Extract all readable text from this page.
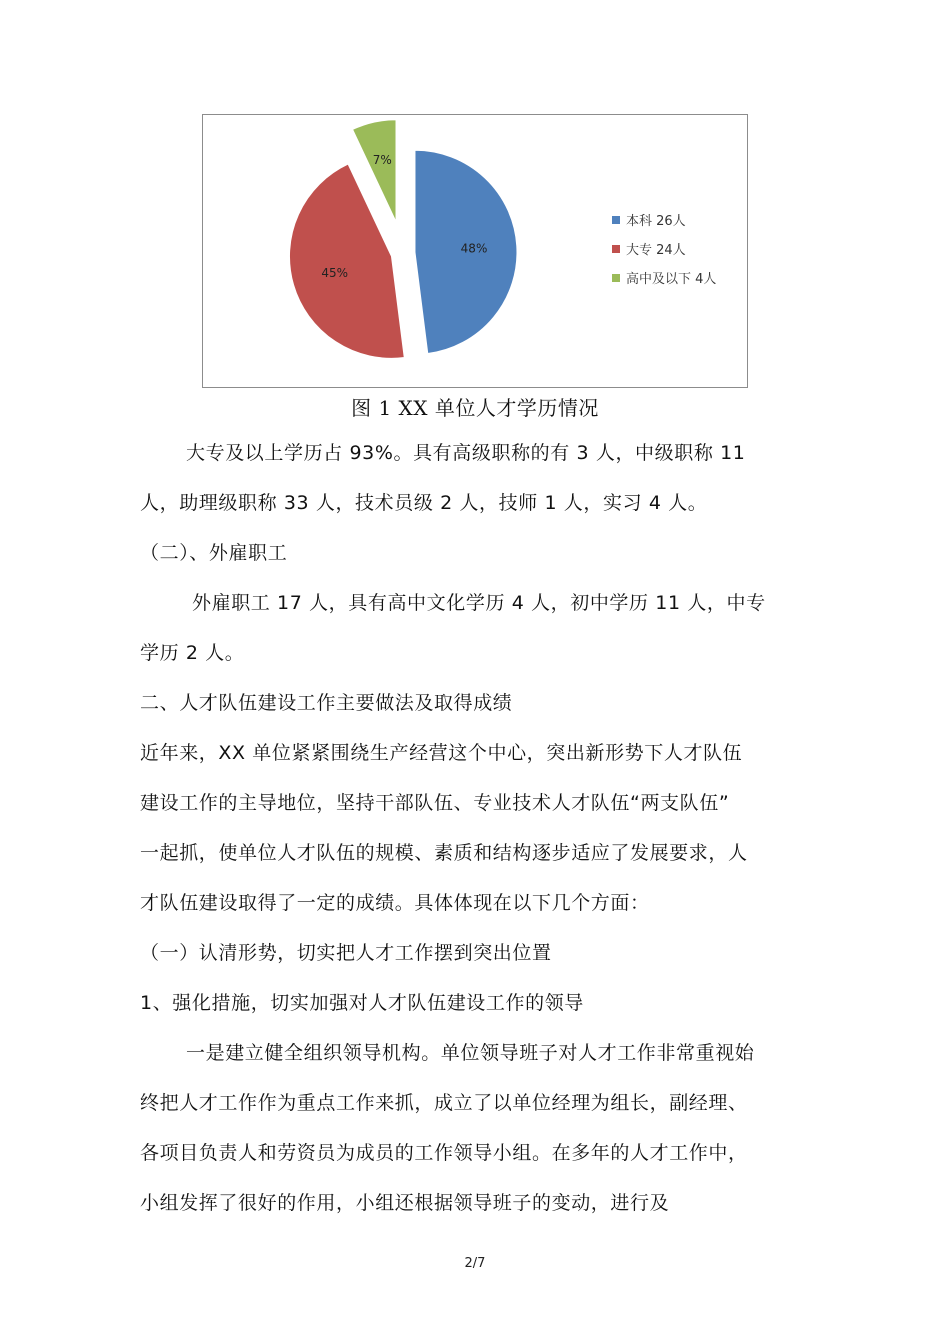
48%
45%
7%
本科 26人
大专 24人
高中及以下 4人
图 1 XX 单位人才学历情况
大专及以上学历占 93%。具有高级职称的有 3 人，中级职称 11
人，助理级职称 33 人，技术员级 2 人，技师 1 人，实习 4 人。
（二）、外雇职工
外雇职工 17 人，具有高中文化学历 4 人，初中学历 11 人，中专
学历 2 人。
二、人才队伍建设工作主要做法及取得成绩
近年来，XX 单位紧紧围绕生产经营这个中心，突出新形势下人才队伍
建设工作的主导地位，坚持干部队伍、专业技术人才队伍“两支队伍”
一起抓，使单位人才队伍的规模、素质和结构逐步适应了发展要求，人
才队伍建设取得了一定的成绩。具体体现在以下几个方面：
（一）认清形势，切实把人才工作摆到突出位置
1、强化措施，切实加强对人才队伍建设工作的领导
一是建立健全组织领导机构。单位领导班子对人才工作非常重视始
终把人才工作作为重点工作来抓，成立了以单位经理为组长，副经理、
各项目负责人和劳资员为成员的工作领导小组。在多年的人才工作中，
小组发挥了很好的作用，小组还根据领导班子的变动，进行及
2/7
